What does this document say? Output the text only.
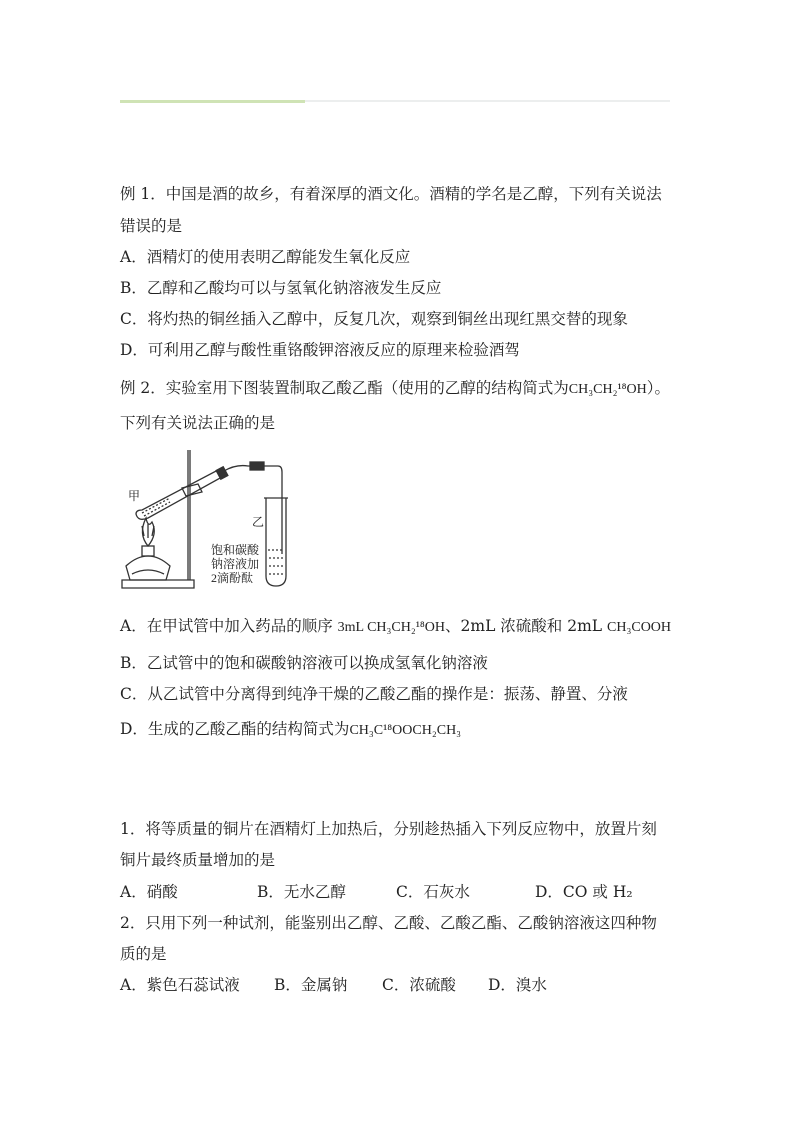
例 1．中国是酒的故乡，有着深厚的酒文化。酒精的学名是乙醇，下列有关说法
错误的是
A．酒精灯的使用表明乙醇能发生氧化反应
B．乙醇和乙酸均可以与氢氧化钠溶液发生反应
C．将灼热的铜丝插入乙醇中，反复几次，观察到铜丝出现红黑交替的现象
D．可利用乙醇与酸性重铬酸钾溶液反应的原理来检验酒驾
例 2．实验室用下图装置制取乙酸乙酯（使用的乙醇的结构简式为CH₃CH₂¹⁸OH）。
下列有关说法正确的是
甲
乙
饱和碳酸
钠溶液加
2滴酚酞
A．在甲试管中加入药品的顺序 3mL CH₃CH₂¹⁸OH、2mL 浓硫酸和 2mL CH₃COOH
B．乙试管中的饱和碳酸钠溶液可以换成氢氧化钠溶液
C．从乙试管中分离得到纯净干燥的乙酸乙酯的操作是：振荡、静置、分液
D．生成的乙酸乙酯的结构简式为CH₃C¹⁸OOCH₂CH₃
1．将等质量的铜片在酒精灯上加热后，分别趁热插入下列反应物中，放置片刻
铜片最终质量增加的是
A．硝酸	B．无水乙醇	C．石灰水	D．CO 或 H₂
2．只用下列一种试剂，能鉴别出乙醇、乙酸、乙酸乙酯、乙酸钠溶液这四种物
质的是
A．紫色石蕊试液 B．金属钠 C．浓硫酸 D．溴水
